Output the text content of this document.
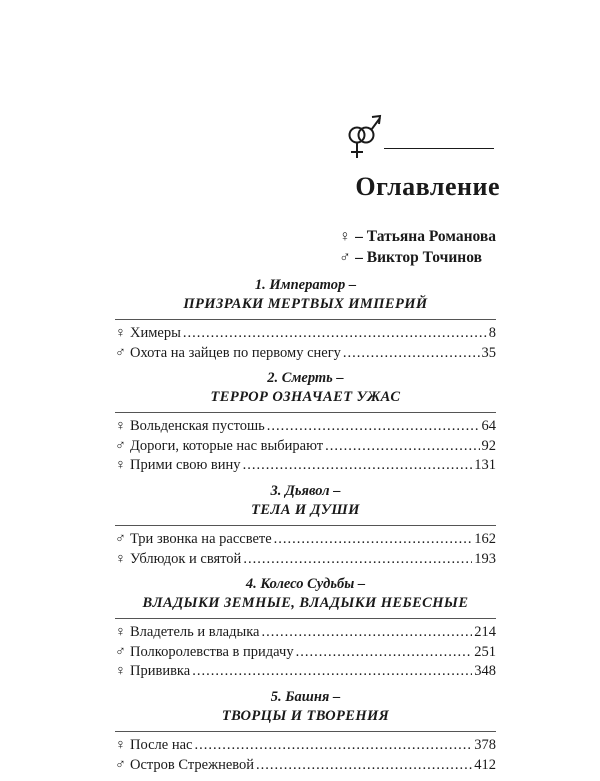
Оглавление
♀ – Татьяна Романова
♂ – Виктор Точинов
1. Император –
ПРИЗРАКИ МЕРТВЫХ ИМПЕРИЙ
♀ Химеры .....	8
♂ Охота на зайцев по первому снегу .....	35
2. Смерть –
ТЕРРОР ОЗНАЧАЕТ УЖАС
♀ Вольденская пустошь .....	64
♂ Дороги, которые нас выбирают .....	92
♀ Прими свою вину .....	131
3. Дьявол –
ТЕЛА И ДУШИ
♂ Три звонка на рассвете .....	162
♀ Ублюдок и святой .....	193
4. Колесо Судьбы –
ВЛАДЫКИ ЗЕМНЫЕ, ВЛАДЫКИ НЕБЕСНЫЕ
♀ Владетель и владыка .....	214
♂ Полкоролевства в придачу .....	251
♀ Прививка .....	348
5. Башня –
ТВОРЦЫ И ТВОРЕНИЯ
♀ После нас .....	378
♂ Остров Стрежневой .....	412
